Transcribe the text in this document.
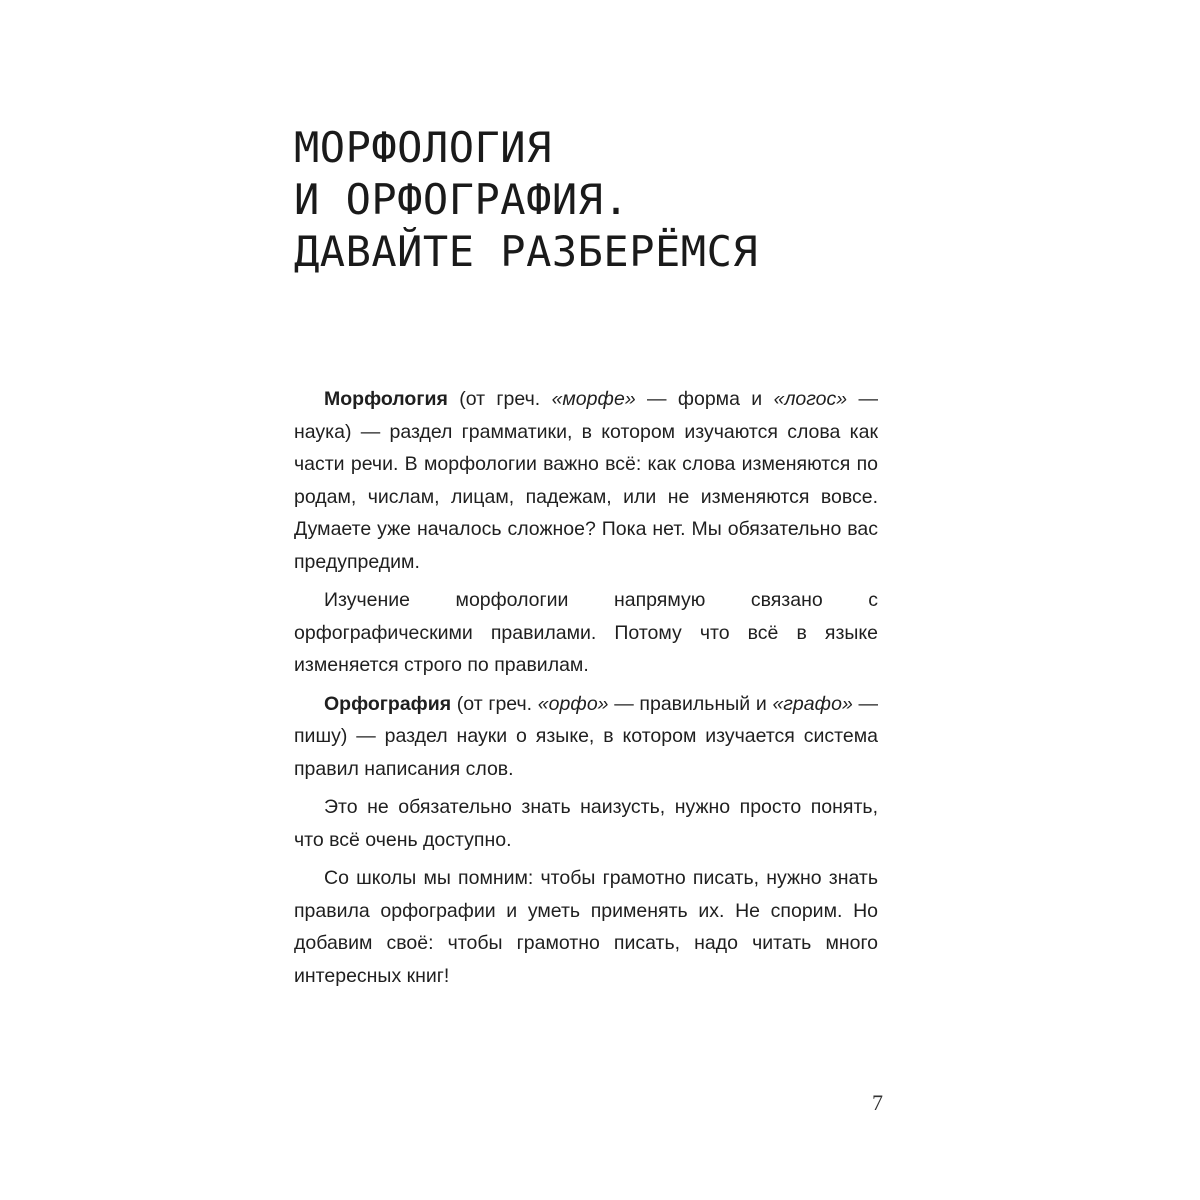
МОРФОЛОГИЯ
И ОРФОГРАФИЯ.
ДАВАЙТЕ РАЗБЕРЁМСЯ

Морфология (от греч. «морфе» — форма и «логос» — наука) — раздел грамматики, в котором изучаются слова как части речи. В морфологии важно всё: как слова изменяются по родам, числам, лицам, падежам, или не изменяются вовсе. Думаете уже началось сложное? Пока нет. Мы обязательно вас предупредим.

Изучение морфологии напрямую связано с орфографическими правилами. Потому что всё в языке изменяется строго по правилам.

Орфография (от греч. «орфо» — правильный и «графо» — пишу) — раздел науки о языке, в котором изучается система правил написания слов.

Это не обязательно знать наизусть, нужно просто понять, что всё очень доступно.

Со школы мы помним: чтобы грамотно писать, нужно знать правила орфографии и уметь применять их. Не спорим. Но добавим своё: чтобы грамотно писать, надо читать много интересных книг!

7
